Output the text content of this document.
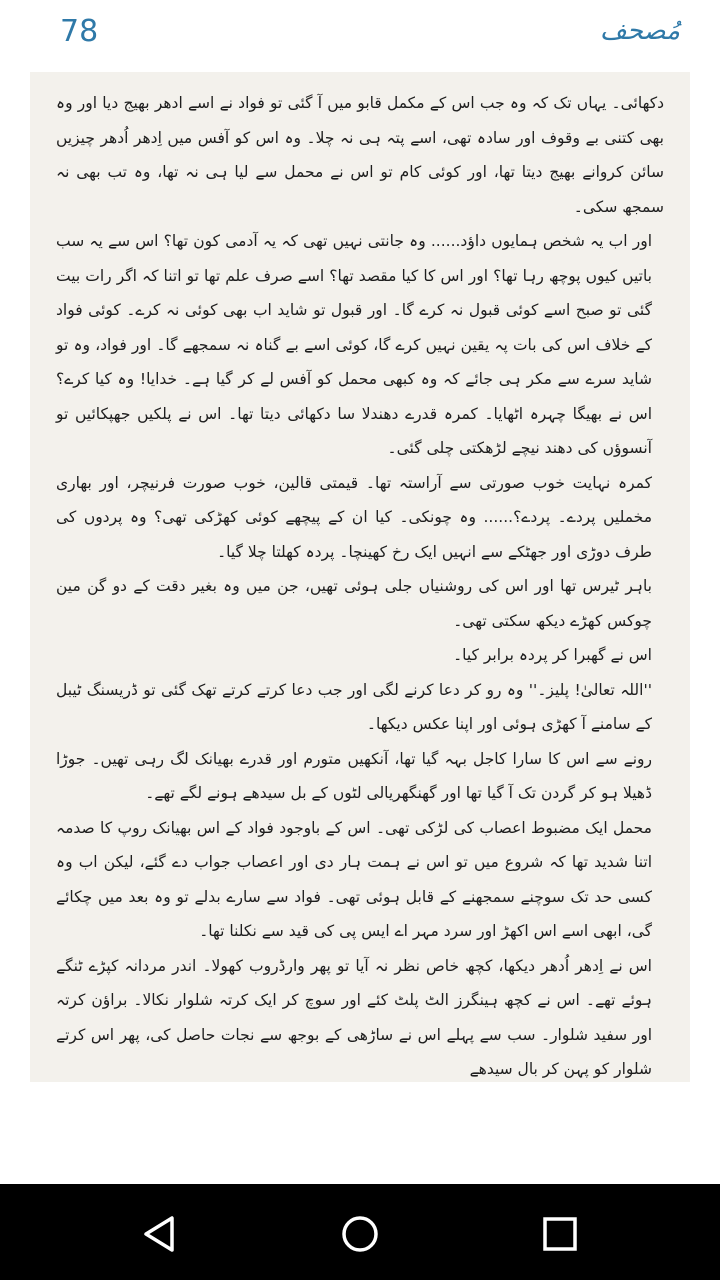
78	مُصحف

دکھائی۔ یہاں تک کہ وہ جب اس کے مکمل قابو میں آ گئی تو فواد نے اسے ادھر بھیج دیا اور وہ بھی کتنی بے وقوف اور سادہ تھی، اسے پتہ ہی نہ چلا۔ وہ اس کو آفس میں اِدھر اُدھر چیزیں سائن کروانے بھیج دیتا تھا، اور کوئی کام تو اس نے محمل سے لیا ہی نہ تھا، وہ تب بھی نہ سمجھ سکی۔

اور اب یہ شخص ہمایوں داؤد...... وہ جانتی نہیں تھی کہ یہ آدمی کون تھا؟ اس سے یہ سب باتیں کیوں پوچھ رہا تھا؟ اور اس کا کیا مقصد تھا؟ اسے صرف علم تھا تو اتنا کہ اگر رات بیت گئی تو صبح اسے کوئی قبول نہ کرے گا۔ اور قبول تو شاید اب بھی کوئی نہ کرے۔ کوئی فواد کے خلاف اس کی بات پہ یقین نہیں کرے گا، کوئی اسے بے گناہ نہ سمجھے گا۔ اور فواد، وہ تو شاید سرے سے مکر ہی جائے کہ وہ کبھی محمل کو آفس لے کر گیا ہے۔ خدایا! وہ کیا کرے؟ اس نے بھیگا چہرہ اٹھایا۔ کمرہ قدرے دھندلا سا دکھائی دیتا تھا۔ اس نے پلکیں جھپکائیں تو آنسوؤں کی دھند نیچے لڑھکتی چلی گئی۔

کمرہ نہایت خوب صورتی سے آراستہ تھا۔ قیمتی قالین، خوب صورت فرنیچر، اور بھاری مخملیں پردے۔ پردے؟...... وہ چونکی۔ کیا ان کے پیچھے کوئی کھڑکی تھی؟ وہ پردوں کی طرف دوڑی اور جھٹکے سے انہیں ایک رخ کھینچا۔ پردہ کھلتا چلا گیا۔

باہر ٹیرس تھا اور اس کی روشنیاں جلی ہوئی تھیں، جن میں وہ بغیر دقت کے دو گن مین چوکس کھڑے دیکھ سکتی تھی۔

اس نے گھبرا کر پردہ برابر کیا۔

''اللہ تعالیٰ! پلیز۔'' وہ رو کر دعا کرنے لگی اور جب دعا کرتے کرتے تھک گئی تو ڈریسنگ ٹیبل کے سامنے آ کھڑی ہوئی اور اپنا عکس دیکھا۔

رونے سے اس کا سارا کاجل بہہ گیا تھا، آنکھیں متورم اور قدرے بھیانک لگ رہی تھیں۔ جوڑا ڈھیلا ہو کر گردن تک آ گیا تھا اور گھنگھریالی لٹوں کے بل سیدھے ہونے لگے تھے۔

محمل ایک مضبوط اعصاب کی لڑکی تھی۔ اس کے باوجود فواد کے اس بھیانک روپ کا صدمہ اتنا شدید تھا کہ شروع میں تو اس نے ہمت ہار دی اور اعصاب جواب دے گئے، لیکن اب وہ کسی حد تک سوچنے سمجھنے کے قابل ہوئی تھی۔ فواد سے سارے بدلے تو وہ بعد میں چکائے گی، ابھی اسے اس اکھڑ اور سرد مہر اے ایس پی کی قید سے نکلنا تھا۔

اس نے اِدھر اُدھر دیکھا، کچھ خاص نظر نہ آیا تو پھر وارڈروب کھولا۔ اندر مردانہ کپڑے ٹنگے ہوئے تھے۔ اس نے کچھ ہینگرز الٹ پلٹ کئے اور سوچ کر ایک کرتہ شلوار نکالا۔ براؤن کرتہ اور سفید شلوار۔ سب سے پہلے اس نے ساڑھی کے بوجھ سے نجات حاصل کی، پھر اس کرتے شلوار کو پہن کر بال سیدھے
